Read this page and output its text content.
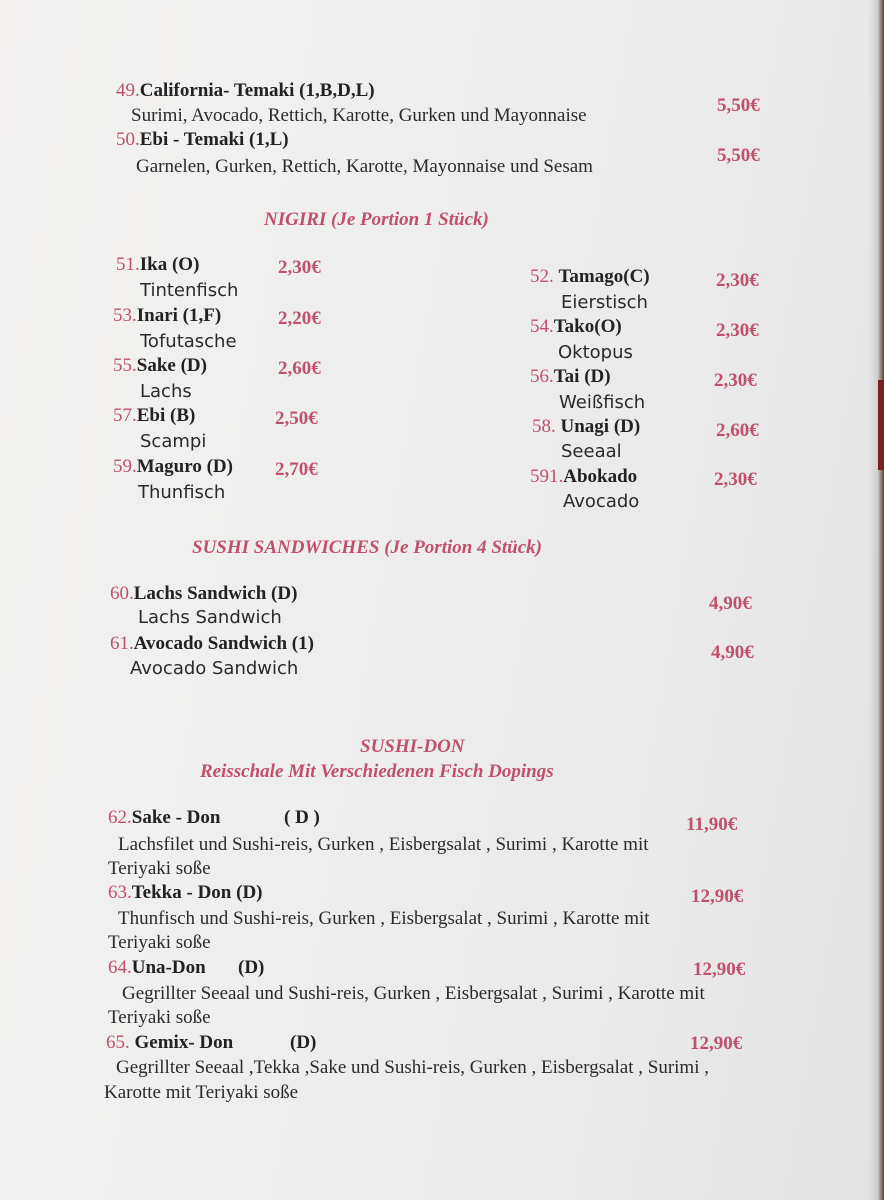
49.California- Temaki (1,B,D,L)
Surimi, Avocado, Rettich, Karotte, Gurken und Mayonnaise	5,50€
50.Ebi - Temaki (1,L)
Garnelen, Gurken, Rettich, Karotte, Mayonnaise und Sesam
5,50€
NIGIRI (Je Portion 1 Stück)
51.Ika (O)	2,30€
Tintenfisch
53.Inari (1,F)	2,20€
Tofutasche
55.Sake (D)	2,60€
Lachs
57.Ebi (B)	2,50€
Scampi
59.Maguro (D) 2,70€
Thunfisch
52. Tamago(C)	2,30€
Eierstisch
54.Tako(O)	2,30€
Oktopus
56.Tai (D)	2,30€
Weißfisch
58. Unagi (D)	2,60€
Seeaal
591.Abokado	2,30€
Avocado
SUSHI SANDWICHES (Je Portion 4 Stück)
60.Lachs Sandwich (D)
Lachs Sandwich
4,90€
61.Avocado Sandwich (1)
Avocado Sandwich
4,90€
SUSHI-DON
Reisschale Mit Verschiedenen Fisch Dopings
62.Sake - Don	( D )	11,90€
Lachsfilet und Sushi-reis, Gurken , Eisbergsalat , Surimi , Karotte mit
Teriyaki soße
63.Tekka - Don (D)	12,90€
Thunfisch und Sushi-reis, Gurken , Eisbergsalat , Surimi , Karotte mit
Teriyaki soße
64.Una-Don (D)	12,90€
Gegrillter Seeaal und Sushi-reis, Gurken , Eisbergsalat , Surimi , Karotte mit
Teriyaki soße
65. Gemix- Don	(D)	12,90€
Gegrillter Seeaal ,Tekka ,Sake und Sushi-reis, Gurken , Eisbergsalat , Surimi ,
Karotte mit Teriyaki soße
